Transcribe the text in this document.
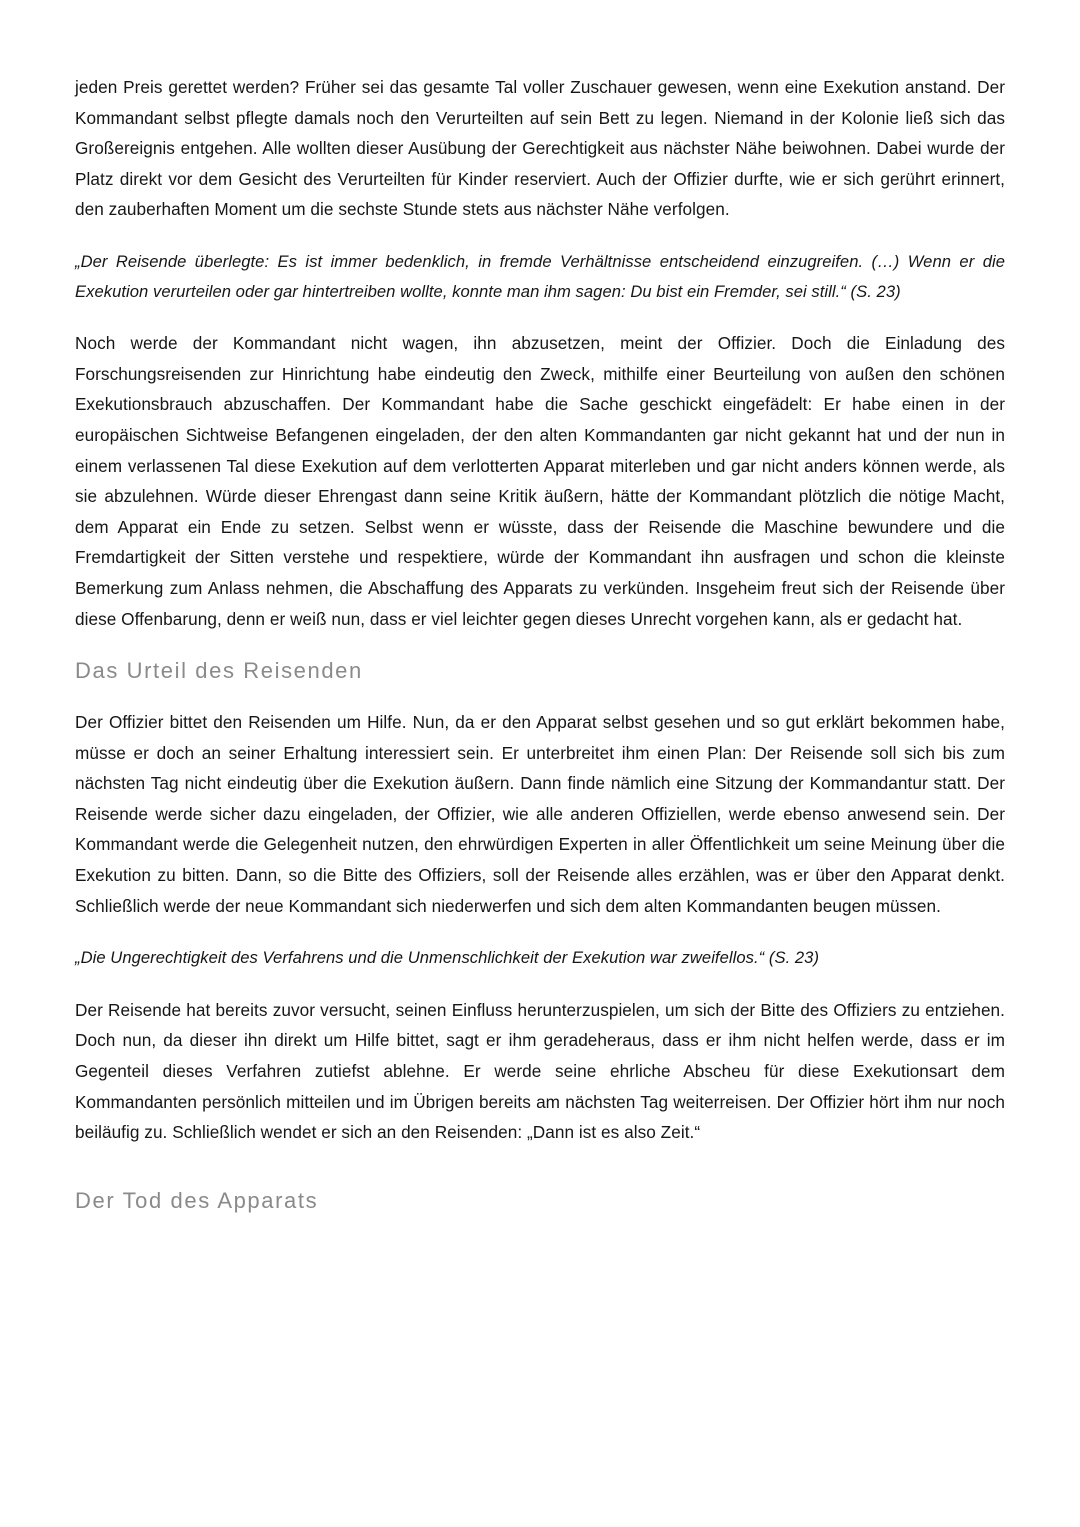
jeden Preis gerettet werden? Früher sei das gesamte Tal voller Zuschauer gewesen, wenn eine Exekution anstand. Der Kommandant selbst pflegte damals noch den Verurteilten auf sein Bett zu legen. Niemand in der Kolonie ließ sich das Großereignis entgehen. Alle wollten dieser Ausübung der Gerechtigkeit aus nächster Nähe beiwohnen. Dabei wurde der Platz direkt vor dem Gesicht des Verurteilten für Kinder reserviert. Auch der Offizier durfte, wie er sich gerührt erinnert, den zauberhaften Moment um die sechste Stunde stets aus nächster Nähe verfolgen.

„Der Reisende überlegte: Es ist immer bedenklich, in fremde Verhältnisse entscheidend einzugreifen. (…) Wenn er die Exekution verurteilen oder gar hintertreiben wollte, konnte man ihm sagen: Du bist ein Fremder, sei still.“ (S. 23)

Noch werde der Kommandant nicht wagen, ihn abzusetzen, meint der Offizier. Doch die Einladung des Forschungsreisenden zur Hinrichtung habe eindeutig den Zweck, mithilfe einer Beurteilung von außen den schönen Exekutionsbrauch abzuschaffen. Der Kommandant habe die Sache geschickt eingefädelt: Er habe einen in der europäischen Sichtweise Befangenen eingeladen, der den alten Kommandanten gar nicht gekannt hat und der nun in einem verlassenen Tal diese Exekution auf dem verlotterten Apparat miterleben und gar nicht anders können werde, als sie abzulehnen. Würde dieser Ehrengast dann seine Kritik äußern, hätte der Kommandant plötzlich die nötige Macht, dem Apparat ein Ende zu setzen. Selbst wenn er wüsste, dass der Reisende die Maschine bewundere und die Fremdartigkeit der Sitten verstehe und respektiere, würde der Kommandant ihn ausfragen und schon die kleinste Bemerkung zum Anlass nehmen, die Abschaffung des Apparats zu verkünden. Insgeheim freut sich der Reisende über diese Offenbarung, denn er weiß nun, dass er viel leichter gegen dieses Unrecht vorgehen kann, als er gedacht hat.

Das Urteil des Reisenden

Der Offizier bittet den Reisenden um Hilfe. Nun, da er den Apparat selbst gesehen und so gut erklärt bekommen habe, müsse er doch an seiner Erhaltung interessiert sein. Er unterbreitet ihm einen Plan: Der Reisende soll sich bis zum nächsten Tag nicht eindeutig über die Exekution äußern. Dann finde nämlich eine Sitzung der Kommandantur statt. Der Reisende werde sicher dazu eingeladen, der Offizier, wie alle anderen Offiziellen, werde ebenso anwesend sein. Der Kommandant werde die Gelegenheit nutzen, den ehrwürdigen Experten in aller Öffentlichkeit um seine Meinung über die Exekution zu bitten. Dann, so die Bitte des Offiziers, soll der Reisende alles erzählen, was er über den Apparat denkt. Schließlich werde der neue Kommandant sich niederwerfen und sich dem alten Kommandanten beugen müssen.

„Die Ungerechtigkeit des Verfahrens und die Unmenschlichkeit der Exekution war zweifellos.“ (S. 23)

Der Reisende hat bereits zuvor versucht, seinen Einfluss herunterzuspielen, um sich der Bitte des Offiziers zu entziehen. Doch nun, da dieser ihn direkt um Hilfe bittet, sagt er ihm geradeheraus, dass er ihm nicht helfen werde, dass er im Gegenteil dieses Verfahren zutiefst ablehne. Er werde seine ehrliche Abscheu für diese Exekutionsart dem Kommandanten persönlich mitteilen und im Übrigen bereits am nächsten Tag weiterreisen. Der Offizier hört ihm nur noch beiläufig zu. Schließlich wendet er sich an den Reisenden: „Dann ist es also Zeit.“

Der Tod des Apparats
